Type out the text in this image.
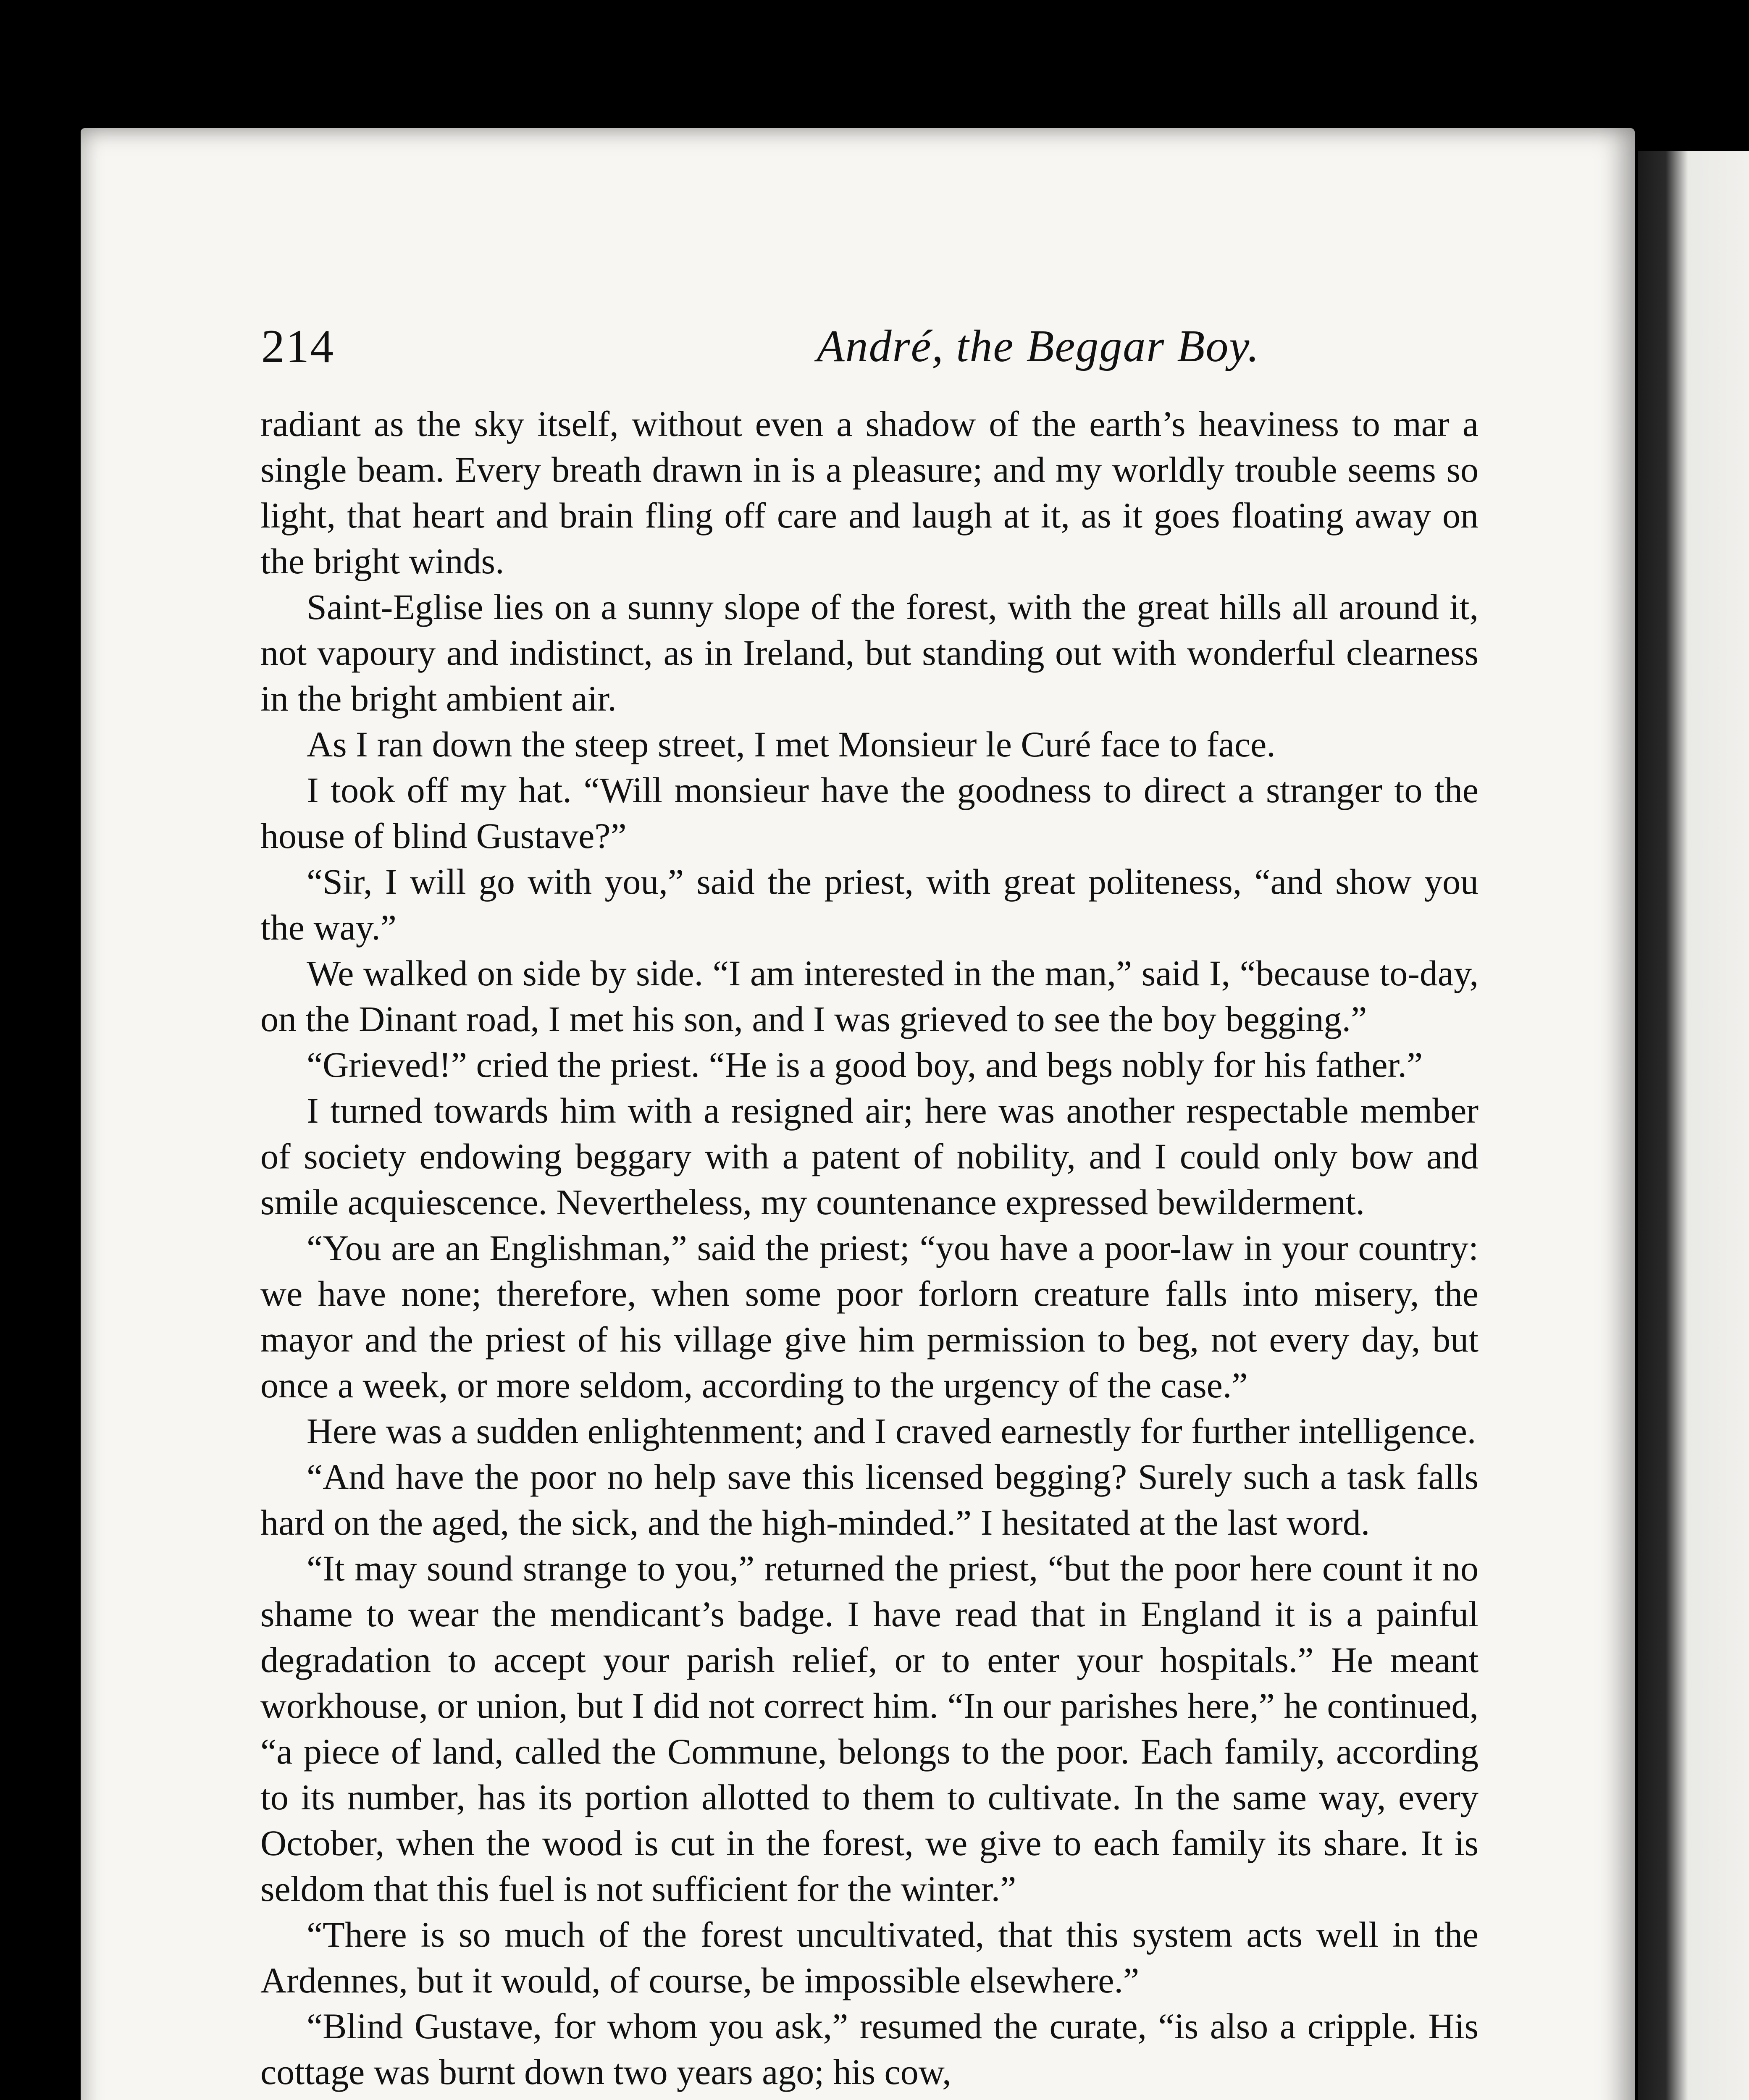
214	André, the Beggar Boy.

radiant as the sky itself, without even a shadow of the earth’s heaviness to mar a single beam. Every breath drawn in is a pleasure; and my worldly trouble seems so light, that heart and brain fling off care and laugh at it, as it goes floating away on the bright winds.

Saint-Eglise lies on a sunny slope of the forest, with the great hills all around it, not vapoury and indistinct, as in Ireland, but standing out with wonderful clearness in the bright ambient air.

As I ran down the steep street, I met Monsieur le Curé face to face.

I took off my hat. “Will monsieur have the goodness to direct a stranger to the house of blind Gustave?”

“Sir, I will go with you,” said the priest, with great politeness, “and show you the way.”

We walked on side by side. “I am interested in the man,” said I, “because to-day, on the Dinant road, I met his son, and I was grieved to see the boy begging.”

“Grieved!” cried the priest. “He is a good boy, and begs nobly for his father.”

I turned towards him with a resigned air; here was another respectable member of society endowing beggary with a patent of nobility, and I could only bow and smile acquiescence. Nevertheless, my countenance expressed bewilderment.

“You are an Englishman,” said the priest; “you have a poor-law in your country: we have none; therefore, when some poor forlorn creature falls into misery, the mayor and the priest of his village give him permission to beg, not every day, but once a week, or more seldom, according to the urgency of the case.”

Here was a sudden enlightenment; and I craved earnestly for further intelligence.

“And have the poor no help save this licensed begging? Surely such a task falls hard on the aged, the sick, and the high-minded.” I hesitated at the last word.

“It may sound strange to you,” returned the priest, “but the poor here count it no shame to wear the mendicant’s badge. I have read that in England it is a painful degradation to accept your parish relief, or to enter your hospitals.” He meant workhouse, or union, but I did not correct him. “In our parishes here,” he continued, “a piece of land, called the Commune, belongs to the poor. Each family, according to its number, has its portion allotted to them to cultivate. In the same way, every October, when the wood is cut in the forest, we give to each family its share. It is seldom that this fuel is not sufficient for the winter.”

“There is so much of the forest uncultivated, that this system acts well in the Ardennes, but it would, of course, be impossible elsewhere.”

“Blind Gustave, for whom you ask,” resumed the curate, “is also a cripple. His cottage was burnt down two years ago; his cow,
